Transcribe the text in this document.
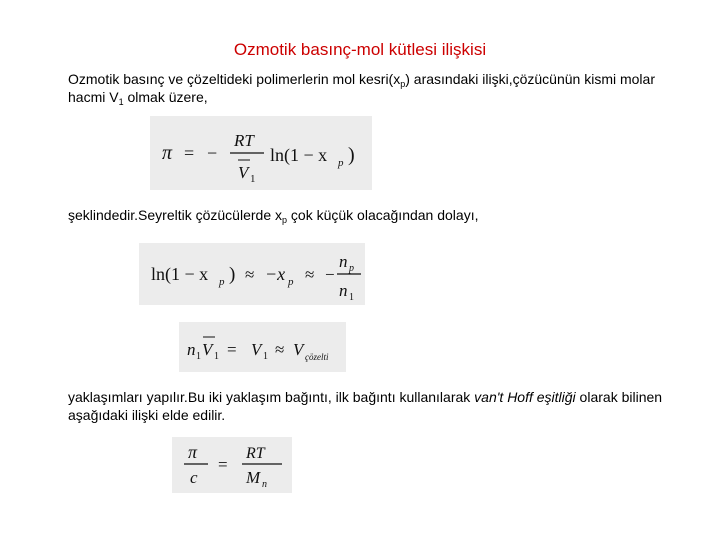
Ozmotik basınç-mol kütlesi ilişkisi

Ozmotik basınç ve çözeltideki polimerlerin mol $kesri(x_p)$ arasındaki ilişki,çözücünün kismi molar hacmi $V_1$ olmak üzere,

π = −
RT
V 1
ln(1 − x p )

şeklindedir.Seyreltik çözücülerde $x_p$ çok küçük olacağından dolayı,

ln(1 − x p ) ≈ −x p ≈ −
n p
n 1
n 1 V 1 = V 1 ≈ V çözelti

yaklaşımları yapılır.Bu iki yaklaşım bağıntı, ilk bağıntı kullanılarak van't Hoff eşitliği olarak bilinen aşağıdaki ilişki elde edilir.

π
c
=
RT
M n
